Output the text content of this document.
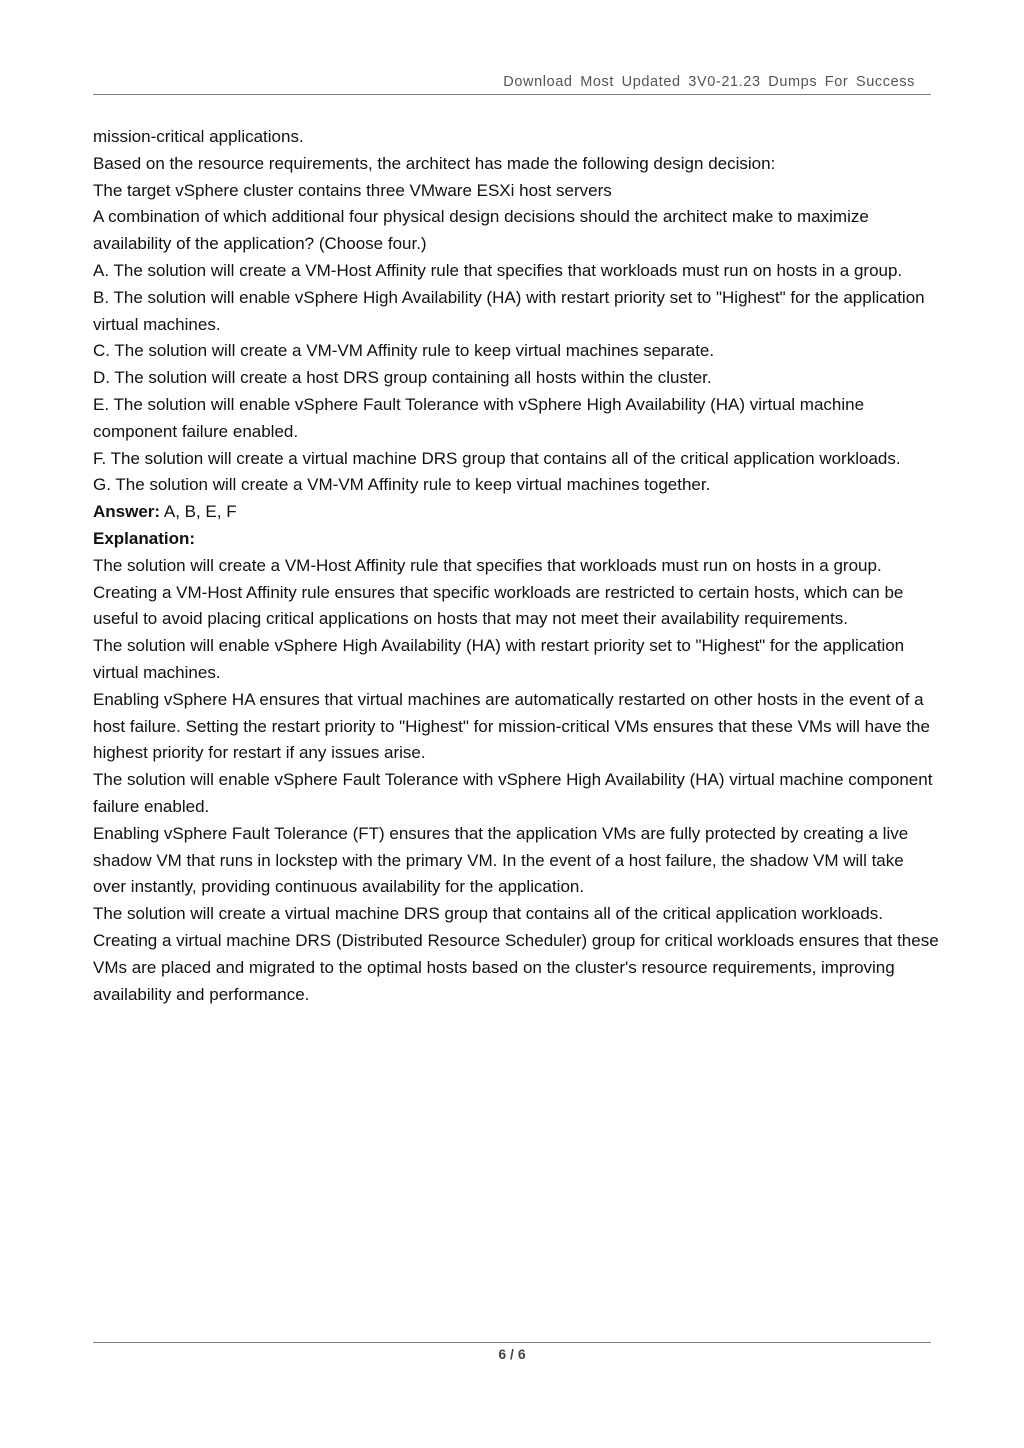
Download Most Updated 3V0-21.23 Dumps For Success

mission-critical applications.

Based on the resource requirements, the architect has made the following design decision:

The target vSphere cluster contains three VMware ESXi host servers

A combination of which additional four physical design decisions should the architect make to maximize availability of the application? (Choose four.)

A. The solution will create a VM-Host Affinity rule that specifies that workloads must run on hosts in a group.

B. The solution will enable vSphere High Availability (HA) with restart priority set to "Highest" for the application virtual machines.

C. The solution will create a VM-VM Affinity rule to keep virtual machines separate.

D. The solution will create a host DRS group containing all hosts within the cluster.

E. The solution will enable vSphere Fault Tolerance with vSphere High Availability (HA) virtual machine component failure enabled.

F. The solution will create a virtual machine DRS group that contains all of the critical application workloads.

G. The solution will create a VM-VM Affinity rule to keep virtual machines together.

Answer: A, B, E, F

Explanation:

The solution will create a VM-Host Affinity rule that specifies that workloads must run on hosts in a group.

Creating a VM-Host Affinity rule ensures that specific workloads are restricted to certain hosts, which can be useful to avoid placing critical applications on hosts that may not meet their availability requirements.

The solution will enable vSphere High Availability (HA) with restart priority set to "Highest" for the application virtual machines.

Enabling vSphere HA ensures that virtual machines are automatically restarted on other hosts in the event of a host failure. Setting the restart priority to "Highest" for mission-critical VMs ensures that these VMs will have the highest priority for restart if any issues arise.

The solution will enable vSphere Fault Tolerance with vSphere High Availability (HA) virtual machine component failure enabled.

Enabling vSphere Fault Tolerance (FT) ensures that the application VMs are fully protected by creating a live shadow VM that runs in lockstep with the primary VM. In the event of a host failure, the shadow VM will take over instantly, providing continuous availability for the application.

The solution will create a virtual machine DRS group that contains all of the critical application workloads.

Creating a virtual machine DRS (Distributed Resource Scheduler) group for critical workloads ensures that these VMs are placed and migrated to the optimal hosts based on the cluster's resource requirements, improving availability and performance.

6 / 6
